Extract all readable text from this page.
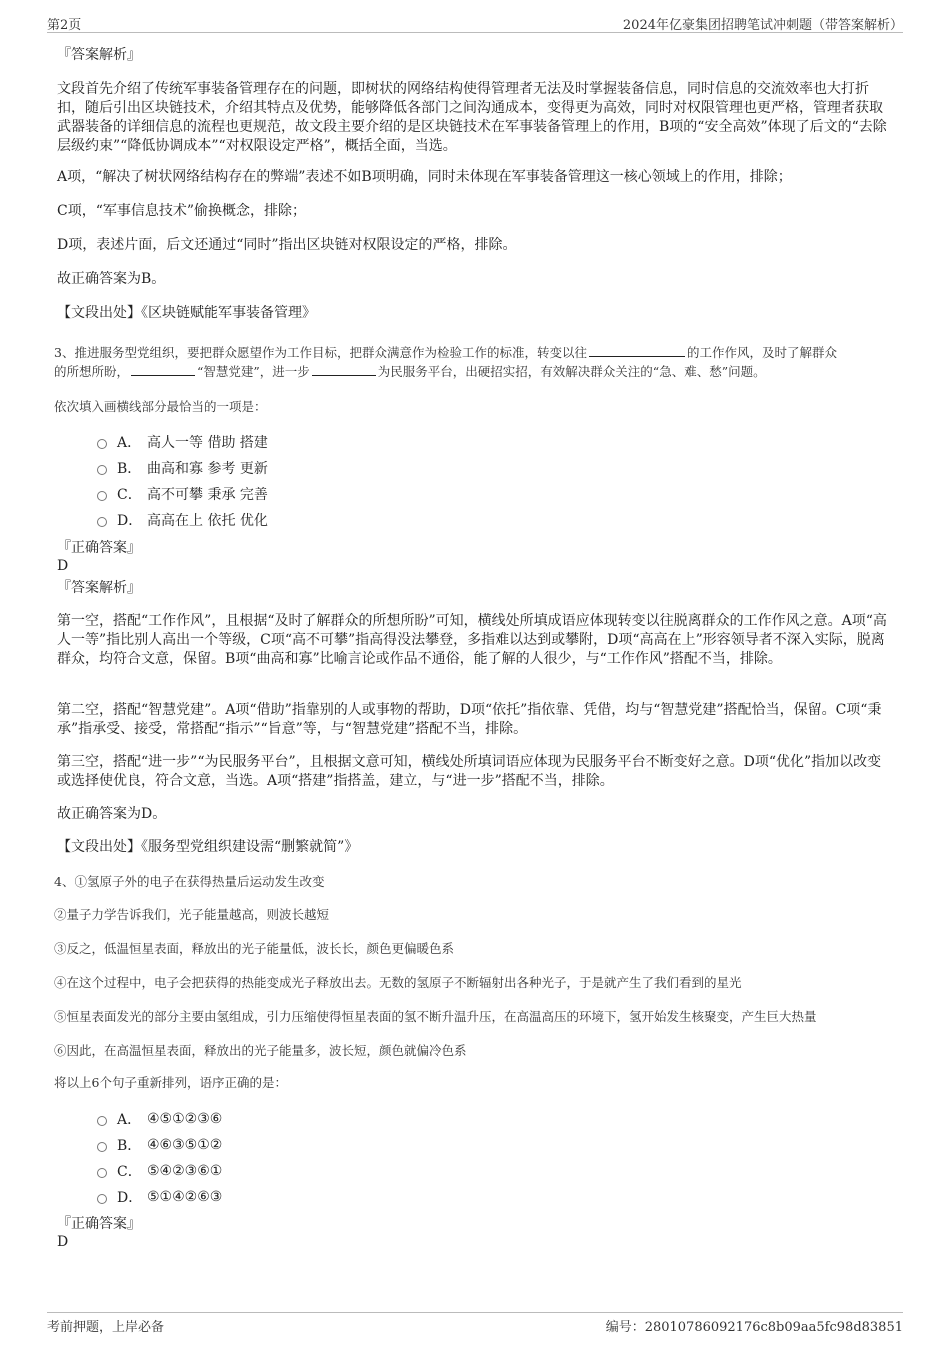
第2页	2024年亿豪集团招聘笔试冲刺题（带答案解析）

『答案解析』

文段首先介绍了传统军事装备管理存在的问题，即树状的网络结构使得管理者无法及时掌握装备信息，同时信息的交流效率也大打折扣，随后引出区块链技术，介绍其特点及优势，能够降低各部门之间沟通成本，变得更为高效，同时对权限管理也更严格，管理者获取武器装备的详细信息的流程也更规范，故文段主要介绍的是区块链技术在军事装备管理上的作用，B项的“安全高效”体现了后文的“去除层级约束”“降低协调成本”“对权限设定严格”，概括全面，当选。

A项，“解决了树状网络结构存在的弊端”表述不如B项明确，同时未体现在军事装备管理这一核心领域上的作用，排除；

C项，“军事信息技术”偷换概念，排除；

D项，表述片面，后文还通过“同时”指出区块链对权限设定的严格，排除。

故正确答案为B。

【文段出处】《区块链赋能军事装备管理》

3、推进服务型党组织，要把群众愿望作为工作目标，把群众满意作为检验工作的标准，转变以往	的工作作风，及时了解群众
的所想所盼，	“智慧党建”，进一步	为民服务平台，出硬招实招，有效解决群众关注的“急、难、愁”问题。
依次填入画横线部分最恰当的一项是：
A． 高人一等 借助 搭建
B． 曲高和寡 参考 更新
C． 高不可攀 秉承 完善
D． 高高在上 依托 优化

『正确答案』

D

『答案解析』

第一空，搭配“工作作风”，且根据“及时了解群众的所想所盼”可知，横线处所填成语应体现转变以往脱离群众的工作作风之意。A项“高人一等”指比别人高出一个等级，C项“高不可攀”指高得没法攀登，多指难以达到或攀附，D项“高高在上”形容领导者不深入实际，脱离群众，均符合文意，保留。B项“曲高和寡”比喻言论或作品不通俗，能了解的人很少，与“工作作风”搭配不当，排除。

第二空，搭配“智慧党建”。A项“借助”指靠别的人或事物的帮助，D项“依托”指依靠、凭借，均与“智慧党建”搭配恰当，保留。C项“秉承”指承受、接受，常搭配“指示”“旨意”等，与“智慧党建”搭配不当，排除。

第三空，搭配“进一步”“为民服务平台”，且根据文意可知，横线处所填词语应体现为民服务平台不断变好之意。D项“优化”指加以改变或选择使优良，符合文意，当选。A项“搭建”指搭盖，建立，与“进一步”搭配不当，排除。

故正确答案为D。

【文段出处】《服务型党组织建设需“删繁就简”》

4、①氢原子外的电子在获得热量后运动发生改变
②量子力学告诉我们，光子能量越高，则波长越短
③反之，低温恒星表面，释放出的光子能量低，波长长，颜色更偏暖色系
④在这个过程中，电子会把获得的热能变成光子释放出去。无数的氢原子不断辐射出各种光子，于是就产生了我们看到的星光
⑤恒星表面发光的部分主要由氢组成，引力压缩使得恒星表面的氢不断升温升压，在高温高压的环境下，氢开始发生核聚变，产生巨大热量
⑥因此，在高温恒星表面，释放出的光子能量多，波长短，颜色就偏冷色系
将以上6个句子重新排列，语序正确的是：
A． ④⑤①②③⑥
B． ④⑥③⑤①②
C． ⑤④②③⑥①
D． ⑤①④②⑥③

『正确答案』

D

考前押题，上岸必备	编号：28010786092176c8b09aa5fc98d83851
